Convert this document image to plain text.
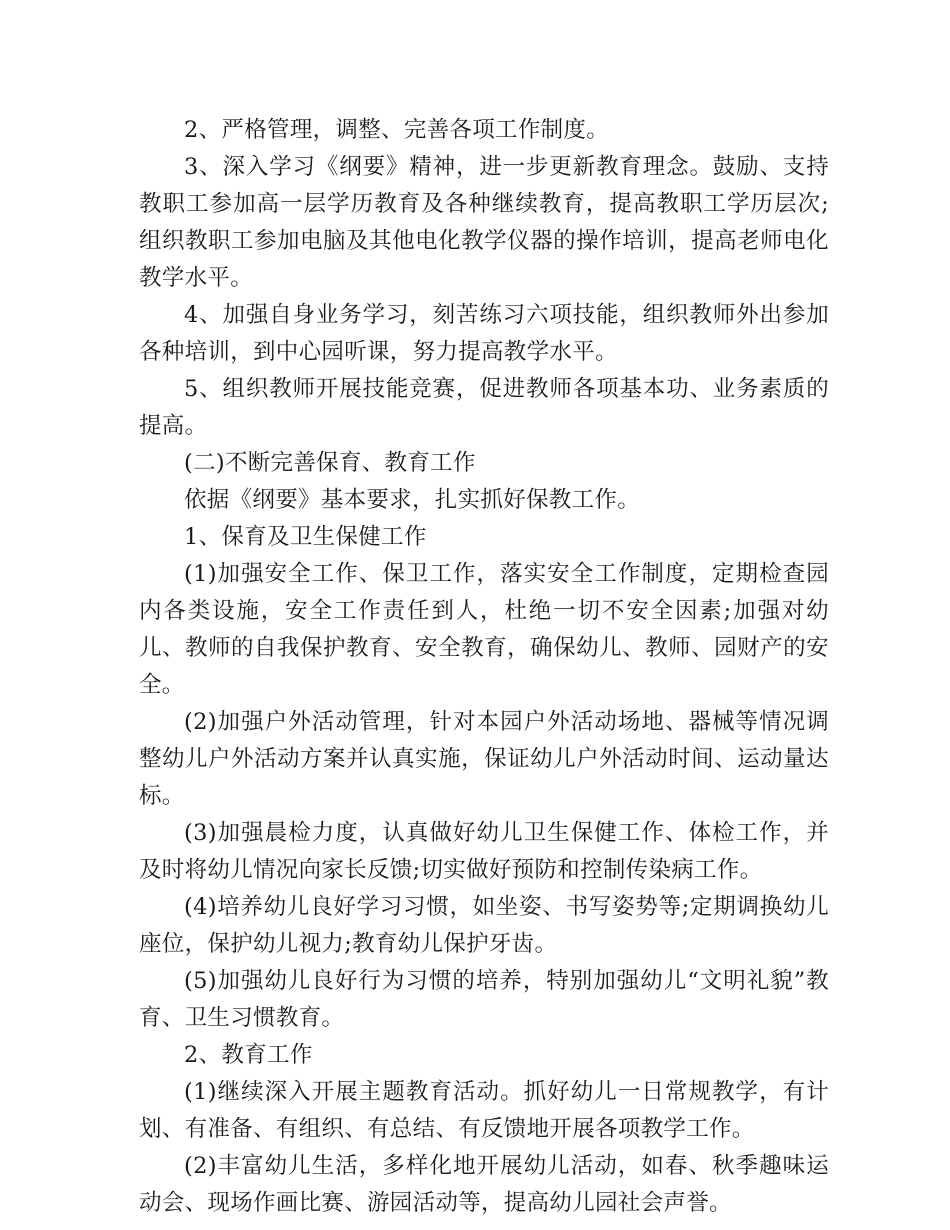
2、严格管理，调整、完善各项工作制度。

3、深入学习《纲要》精神，进一步更新教育理念。鼓励、支持教职工参加高一层学历教育及各种继续教育，提高教职工学历层次;组织教职工参加电脑及其他电化教学仪器的操作培训，提高老师电化教学水平。

4、加强自身业务学习，刻苦练习六项技能，组织教师外出参加各种培训，到中心园听课，努力提高教学水平。

5、组织教师开展技能竞赛，促进教师各项基本功、业务素质的提高。

(二)不断完善保育、教育工作

依据《纲要》基本要求，扎实抓好保教工作。

1、保育及卫生保健工作

(1)加强安全工作、保卫工作，落实安全工作制度，定期检查园内各类设施，安全工作责任到人，杜绝一切不安全因素;加强对幼儿、教师的自我保护教育、安全教育，确保幼儿、教师、园财产的安全。

(2)加强户外活动管理，针对本园户外活动场地、器械等情况调整幼儿户外活动方案并认真实施，保证幼儿户外活动时间、运动量达标。

(3)加强晨检力度，认真做好幼儿卫生保健工作、体检工作，并及时将幼儿情况向家长反馈;切实做好预防和控制传染病工作。

(4)培养幼儿良好学习习惯，如坐姿、书写姿势等;定期调换幼儿座位，保护幼儿视力;教育幼儿保护牙齿。

(5)加强幼儿良好行为习惯的培养，特别加强幼儿“文明礼貌”教育、卫生习惯教育。

2、教育工作

(1)继续深入开展主题教育活动。抓好幼儿一日常规教学，有计划、有准备、有组织、有总结、有反馈地开展各项教学工作。

(2)丰富幼儿生活，多样化地开展幼儿活动，如春、秋季趣味运动会、现场作画比赛、游园活动等，提高幼儿园社会声誉。
